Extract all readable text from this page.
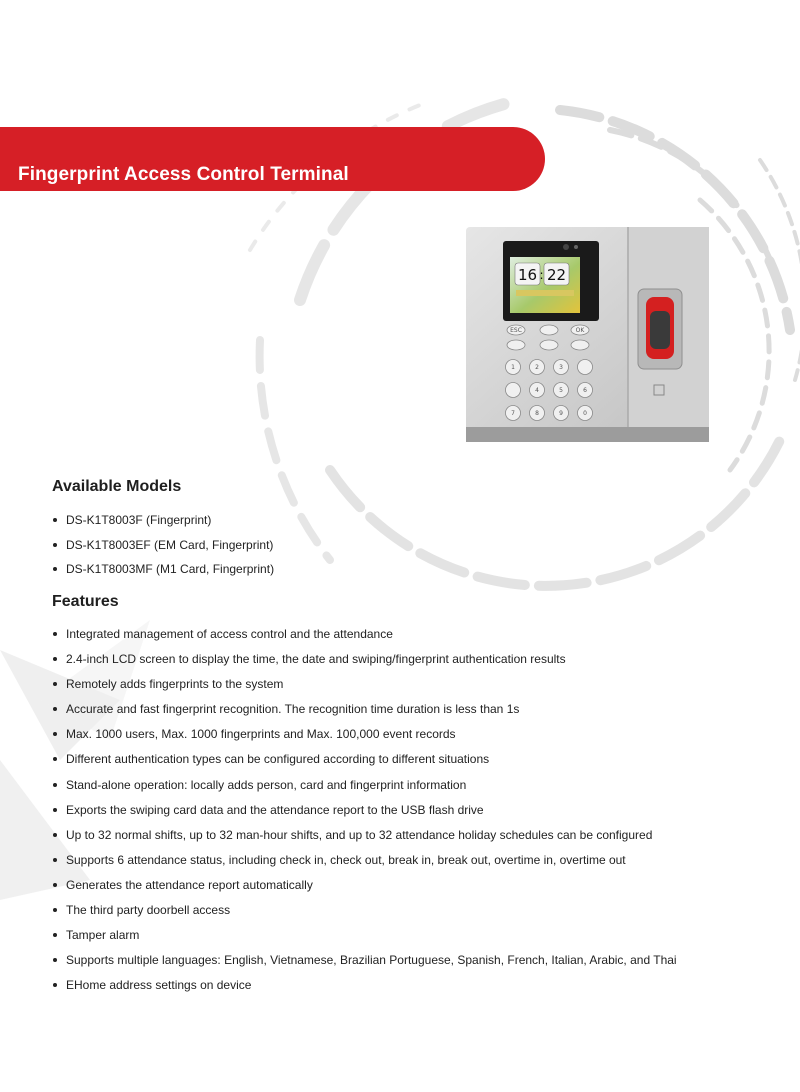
Fingerprint Access Control Terminal
16 : 22
ESC	OK
1	2	3
4	5	6
7	8	9	0
Available Models
DS-K1T8003F (Fingerprint)
DS-K1T8003EF (EM Card, Fingerprint)
DS-K1T8003MF (M1 Card, Fingerprint)
Features
Integrated management of access control and the attendance
2.4-inch LCD screen to display the time, the date and swiping/fingerprint authentication results
Remotely adds fingerprints to the system
Accurate and fast fingerprint recognition. The recognition time duration is less than 1s
Max. 1000 users, Max. 1000 fingerprints and Max. 100,000 event records
Different authentication types can be configured according to different situations
Stand-alone operation: locally adds person, card and fingerprint information
Exports the swiping card data and the attendance report to the USB flash drive
Up to 32 normal shifts, up to 32 man-hour shifts, and up to 32 attendance holiday schedules can be configured
Supports 6 attendance status, including check in, check out, break in, break out, overtime in, overtime out
Generates the attendance report automatically
The third party doorbell access
Tamper alarm
Supports multiple languages: English, Vietnamese, Brazilian Portuguese, Spanish, French, Italian, Arabic, and Thai
EHome address settings on device
